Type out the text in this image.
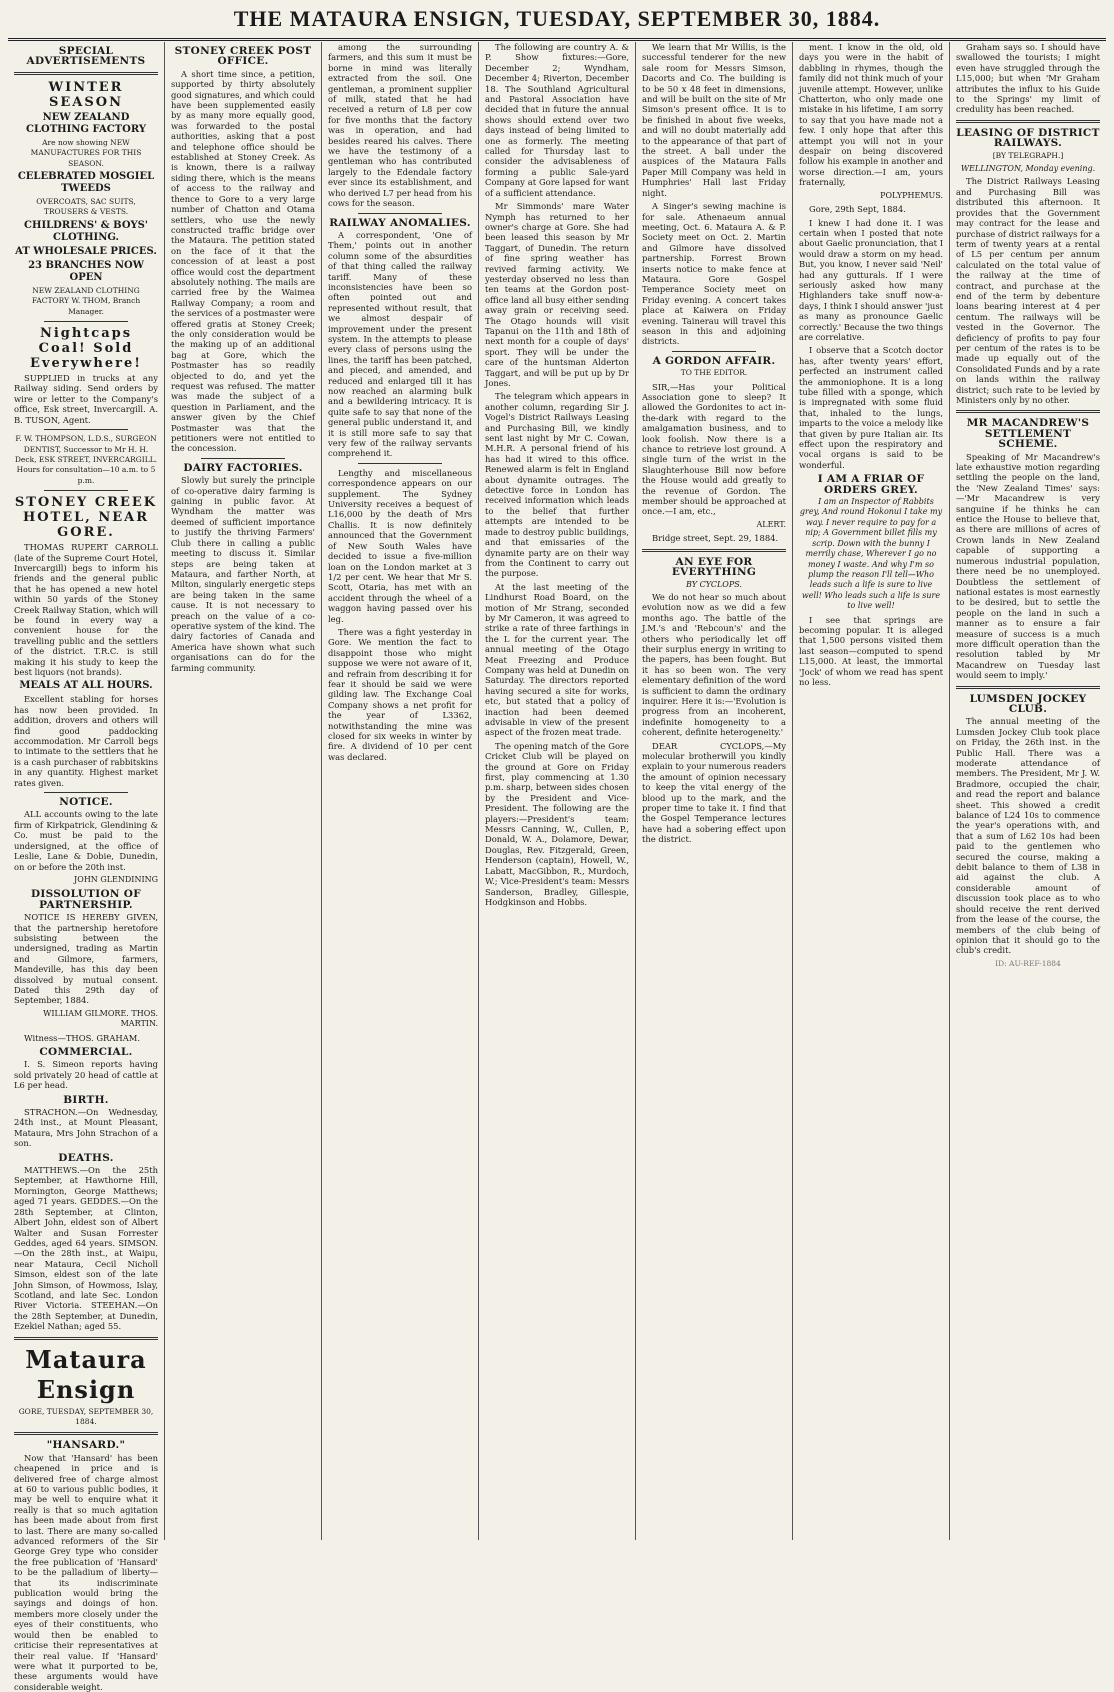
THE MATAURA ENSIGN, TUESDAY, SEPTEMBER 30, 1884.
SPECIAL ADVERTISEMENTS

WINTER SEASON

NEW ZEALAND CLOTHING FACTORY

Are now showing NEW MANUFACTURES FOR THIS SEASON.

CELEBRATED MOSGIEL TWEEDS

OVERCOATS, SAC SUITS, TROUSERS & VESTS.

CHILDRENS' & BOYS' CLOTHING.

AT WHOLESALE PRICES.

23 BRANCHES NOW OPEN

NEW ZEALAND CLOTHING FACTORY W. THOM, Branch Manager.

Nightcaps Coal! Sold Everywhere!

SUPPLIED in trucks at any Railway siding. Send orders by wire or letter to the Company's office, Esk street, Invercargill. A. B. TUSON, Agent.

F. W. THOMPSON, L.D.S., SURGEON DENTIST, Successor to Mr H. H. Deck, ESK STREET, INVERCARGILL. Hours for consultation—10 a.m. to 5 p.m.

STONEY CREEK HOTEL, NEAR GORE.

THOMAS RUPERT CARROLL (late of the Supreme Court Hotel, Invercargill) begs to inform his friends and the general public that he has opened a new hotel within 50 yards of the Stoney Creek Railway Station, which will be found in every way a convenient house for the travelling public and the settlers of the district. T.R.C. is still making it his study to keep the best liquors (not brands).

MEALS AT ALL HOURS.

Excellent stabling for horses has now been provided. In addition, drovers and others will find good paddocking accommodation. Mr Carroll begs to intimate to the settlers that he is a cash purchaser of rabbitskins in any quantity. Highest market rates given.

NOTICE.

ALL accounts owing to the late firm of Kirkpatrick, Glendining & Co. must be paid to the undersigned, at the office of Leslie, Lane & Dobie, Dunedin, on or before the 20th inst.

JOHN GLENDINING
DISSOLUTION OF PARTNERSHIP.

NOTICE IS HEREBY GIVEN, that the partnership heretofore subsisting between the undersigned, trading as Martin and Gilmore, farmers, Mandeville, has this day been dissolved by mutual consent. Dated this 29th day of September, 1884.

WILLIAM GILMORE. THOS. MARTIN.

Witness—THOS. GRAHAM.

COMMERCIAL.

I. S. Simeon reports having sold privately 20 head of cattle at L6 per head.

BIRTH.

STRACHON.—On Wednesday, 24th inst., at Mount Pleasant, Mataura, Mrs John Strachon of a son.

DEATHS.

MATTHEWS.—On the 25th September, at Hawthorne Hill, Mornington, George Matthews; aged 71 years. GEDDES.—On the 28th September, at Clinton, Albert John, eldest son of Albert Walter and Susan Forrester Geddes, aged 64 years. SIMSON.—On the 28th inst., at Waipu, near Mataura, Cecil Nicholl Simson, eldest son of the late John Simson, of Howmoss, Islay, Scotland, and late Sec. London River Victoria. STEEHAN.—On the 28th September, at Dunedin, Ezekiel Nathan; aged 55.

Mataura Ensign

GORE, TUESDAY, SEPTEMBER 30, 1884.

"HANSARD."

Now that 'Hansard' has been cheapened in price and is delivered free of charge almost at 60 to various public bodies, it may be well to enquire what it really is that so much agitation has been made about from first to last. There are many so-called advanced reformers of the Sir George Grey type who consider the free publication of 'Hansard' to be the palladium of liberty—that its indiscriminate publication would bring the sayings and doings of hon. members more closely under the eyes of their constituents, who would then be enabled to criticise their representatives at their real value. If 'Hansard' were what it purported to be, these arguments would have considerable weight.

STONEY CREEK POST OFFICE.

A short time since, a petition, supported by thirty absolutely good signatures, and which could have been supplemented easily by as many more equally good, was forwarded to the postal authorities, asking that a post and telephone office should be established at Stoney Creek. As is known, there is a railway siding there, which is the means of access to the railway and thence to Gore to a very large number of Chatton and Otama settlers, who use the newly constructed traffic bridge over the Mataura. The petition stated on the face of it that the concession of at least a post office would cost the department absolutely nothing. The mails are carried free by the Waimea Railway Company; a room and the services of a postmaster were offered gratis at Stoney Creek; the only consideration would be the making up of an additional bag at Gore, which the Postmaster has so readily objected to do, and yet the request was refused. The matter was made the subject of a question in Parliament, and the answer given by the Chief Postmaster was that the petitioners were not entitled to the concession.

DAIRY FACTORIES.

Slowly but surely the principle of co-operative dairy farming is gaining in public favor. At Wyndham the matter was deemed of sufficient importance to justify the thriving Farmers' Club there in calling a public meeting to discuss it. Similar steps are being taken at Mataura, and farther North, at Milton, singularly energetic steps are being taken in the same cause. It is not necessary to preach on the value of a co-operative system of the kind. The dairy factories of Canada and America have shown what such organisations can do for the farming community.

among the surrounding farmers, and this sum it must be borne in mind was literally extracted from the soil. One gentleman, a prominent supplier of milk, stated that he had received a return of L8 per cow for five months that the factory was in operation, and had besides reared his calves. There we have the testimony of a gentleman who has contributed largely to the Edendale factory ever since its establishment, and who derived L7 per head from his cows for the season.

RAILWAY ANOMALIES.

A correspondent, 'One of Them,' points out in another column some of the absurdities of that thing called the railway tariff. Many of these inconsistencies have been so often pointed out and represented without result, that we almost despair of improvement under the present system. In the attempts to please every class of persons using the lines, the tariff has been patched, and pieced, and amended, and reduced and enlarged till it has now reached an alarming bulk and a bewildering intricacy. It is quite safe to say that none of the general public understand it, and it is still more safe to say that very few of the railway servants comprehend it.

Lengthy and miscellaneous correspondence appears on our supplement. The Sydney University receives a bequest of L16,000 by the death of Mrs Challis. It is now definitely announced that the Government of New South Wales have decided to issue a five-million loan on the London market at 3 1/2 per cent. We hear that Mr S. Scott, Otaria, has met with an accident through the wheel of a waggon having passed over his leg.

There was a fight yesterday in Gore. We mention the fact to disappoint those who might suppose we were not aware of it, and refrain from describing it for fear it should be said we were gilding law. The Exchange Coal Company shows a net profit for the year of L3362, notwithstanding the mine was closed for six weeks in winter by fire. A dividend of 10 per cent was declared.

The following are country A. & P. Show fixtures:—Gore, December 2; Wyndham, December 4; Riverton, December 18. The Southland Agricultural and Pastoral Association have decided that in future the annual shows should extend over two days instead of being limited to one as formerly. The meeting called for Thursday last to consider the advisableness of forming a public Sale-yard Company at Gore lapsed for want of a sufficient attendance.

Mr Simmonds' mare Water Nymph has returned to her owner's charge at Gore. She had been leased this season by Mr Taggart, of Dunedin. The return of fine spring weather has revived farming activity. We yesterday observed no less than ten teams at the Gordon post-office land all busy either sending away grain or receiving seed. The Otago hounds will visit Tapanui on the 11th and 18th of next month for a couple of days' sport. They will be under the care of the huntsman Alderton Taggart, and will be put up by Dr Jones.

The telegram which appears in another column, regarding Sir J. Vogel's District Railways Leasing and Purchasing Bill, we kindly sent last night by Mr C. Cowan, M.H.R. A personal friend of his has had it wired to this office. Renewed alarm is felt in England about dynamite outrages. The detective force in London has received information which leads to the belief that further attempts are intended to be made to destroy public buildings, and that emissaries of the dynamite party are on their way from the Continent to carry out the purpose.

At the last meeting of the Lindhurst Road Board, on the motion of Mr Strang, seconded by Mr Cameron, it was agreed to strike a rate of three farthings in the L for the current year. The annual meeting of the Otago Meat Freezing and Produce Company was held at Dunedin on Saturday. The directors reported having secured a site for works, etc, but stated that a policy of inaction had been deemed advisable in view of the present aspect of the frozen meat trade.

The opening match of the Gore Cricket Club will be played on the ground at Gore on Friday first, play commencing at 1.30 p.m. sharp, between sides chosen by the President and Vice-President. The following are the players:—President's team: Messrs Canning, W., Cullen, P., Donald, W. A., Dolamore, Dewar, Douglas, Rev. Fitzgerald, Green, Henderson (captain), Howell, W., Labatt, MacGibbon, R., Murdoch, W.; Vice-President's team: Messrs Sanderson, Bradley, Gillespie, Hodgkinson and Hobbs.

We learn that Mr Willis, is the successful tenderer for the new sale room for Messrs Simson, Dacorts and Co. The building is to be 50 x 48 feet in dimensions, and will be built on the site of Mr Simson's present office. It is to be finished in about five weeks, and will no doubt materially add to the appearance of that part of the street. A ball under the auspices of the Mataura Falls Paper Mill Company was held in Humphries' Hall last Friday night.

A Singer's sewing machine is for sale. Athenaeum annual meeting, Oct. 6. Mataura A. & P. Society meet on Oct. 2. Martin and Gilmore have dissolved partnership. Forrest Brown inserts notice to make fence at Mataura. Gore Gospel Temperance Society meet on Friday evening. A concert takes place at Kaiwera on Friday evening. Tainerau will travel this season in this and adjoining districts.

A GORDON AFFAIR.
TO THE EDITOR.

SIR,—Has your Political Association gone to sleep? It allowed the Gordonites to act in-the-dark with regard to the amalgamation business, and to look foolish. Now there is a chance to retrieve lost ground. A single turn of the wrist in the Slaughterhouse Bill now before the House would add greatly to the revenue of Gordon. The member should be approached at once.—I am, etc.,

ALERT.

Bridge street, Sept. 29, 1884.

AN EYE FOR EVERYTHING
BY CYCLOPS.

We do not hear so much about evolution now as we did a few months ago. The battle of the J.M.'s and 'Rebcoun's' and the others who periodically let off their surplus energy in writing to the papers, has been fought. But it has so been won. The very elementary definition of the word is sufficient to damn the ordinary inquirer. Here it is:—'Evolution is progress from an incoherent, indefinite homogeneity to a coherent, definite heterogeneity.'

DEAR CYCLOPS,—My molecular brotherwill you kindly explain to your numerous readers the amount of opinion necessary to keep the vital energy of the blood up to the mark, and the proper time to take it. I find that the Gospel Temperance lectures have had a sobering effect upon the district.

ment. I know in the old, old days you were in the habit of dabbling in rhymes, though the family did not think much of your juvenile attempt. However, unlike Chatterton, who only made one mistake in his lifetime, I am sorry to say that you have made not a few. I only hope that after this attempt you will not in your despair on being discovered follow his example in another and worse direction.—I am, yours fraternally,

POLYPHEMUS.

Gore, 29th Sept, 1884.

I knew I had done it. I was certain when I posted that note about Gaelic pronunciation, that I would draw a storm on my head. But, you know, I never said 'Neil' had any gutturals. If I were seriously asked how many Highlanders take snuff now-a-days, I think I should answer 'just as many as pronounce Gaelic correctly.' Because the two things are correlative.

I observe that a Scotch doctor has, after twenty years' effort, perfected an instrument called the ammoniophone. It is a long tube filled with a sponge, which is impregnated with some fluid that, inhaled to the lungs, imparts to the voice a melody like that given by pure Italian air. Its effect upon the respiratory and vocal organs is said to be wonderful.

I AM A FRIAR OF ORDERS GREY.

I am an Inspector of Rabbits grey, And round Hokonui I take my way. I never require to pay for a nip; A Government billet fills my scrip. Down with the bunny I merrily chase, Wherever I go no money I waste. And why I'm so plump the reason I'll tell—Who leads such a life is sure to live well! Who leads such a life is sure to live well!

I see that springs are becoming popular. It is alleged that 1,500 persons visited them last season—computed to spend L15,000. At least, the immortal 'Jock' of whom we read has spent no less.

Graham says so. I should have swallowed the tourists; I might even have struggled through the L15,000; but when 'Mr Graham attributes the influx to his Guide to the Springs' my limit of credulity has been reached.

LEASING OF DISTRICT RAILWAYS.
[BY TELEGRAPH.]
WELLINGTON, Monday evening.

The District Railways Leasing and Purchasing Bill was distributed this afternoon. It provides that the Government may contract for the lease and purchase of district railways for a term of twenty years at a rental of L5 per centum per annum calculated on the total value of the railway at the time of contract, and purchase at the end of the term by debenture loans bearing interest at 4 per centum. The railways will be vested in the Governor. The deficiency of profits to pay four per centum of the rates is to be made up equally out of the Consolidated Funds and by a rate on lands within the railway district; such rate to be levied by Ministers only by no other.

MR MACANDREW'S SETTLEMENT SCHEME.

Speaking of Mr Macandrew's late exhaustive motion regarding settling the people on the land, the 'New Zealand Times' says:—'Mr Macandrew is very sanguine if he thinks he can entice the House to believe that, as there are millions of acres of Crown lands in New Zealand capable of supporting a numerous industrial population, there need be no unemployed. Doubtless the settlement of national estates is most earnestly to be desired, but to settle the people on the land in such a manner as to ensure a fair measure of success is a much more difficult operation than the resolution tabled by Mr Macandrew on Tuesday last would seem to imply.'

LUMSDEN JOCKEY CLUB.

The annual meeting of the Lumsden Jockey Club took place on Friday, the 26th inst. in the Public Hall. There was a moderate attendance of members. The President, Mr J. W. Bradmore, occupied the chair, and read the report and balance sheet. This showed a credit balance of L24 10s to commence the year's operations with, and that a sum of L62 10s had been paid to the gentlemen who secured the course, making a debit balance to them of L38 in aid against the club. A considerable amount of discussion took place as to who should receive the rent derived from the lease of the course, the members of the club being of opinion that it should go to the club's credit.

ID: AU-REF-1884
